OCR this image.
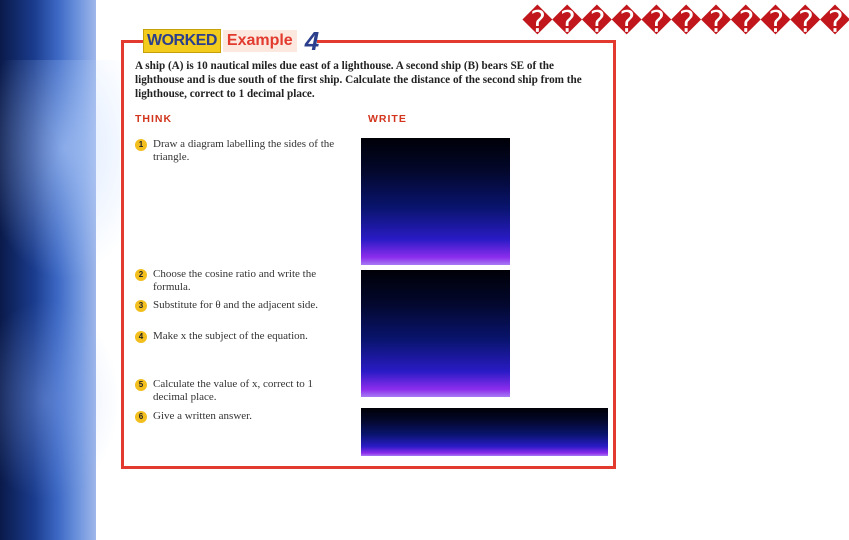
�����������
WORKED Example 4
A ship (A) is 10 nautical miles due east of a lighthouse. A second ship (B) bears SE of the lighthouse and is due south of the first ship. Calculate the distance of the second ship from the lighthouse, correct to 1 decimal place.
THINK	WRITE
1 Draw a diagram labelling the sides of the triangle.
2 Choose the cosine ratio and write the formula.
3 Substitute for θ and the adjacent side.
4 Make x the subject of the equation.
5 Calculate the value of x, correct to 1 decimal place.
6 Give a written answer.
